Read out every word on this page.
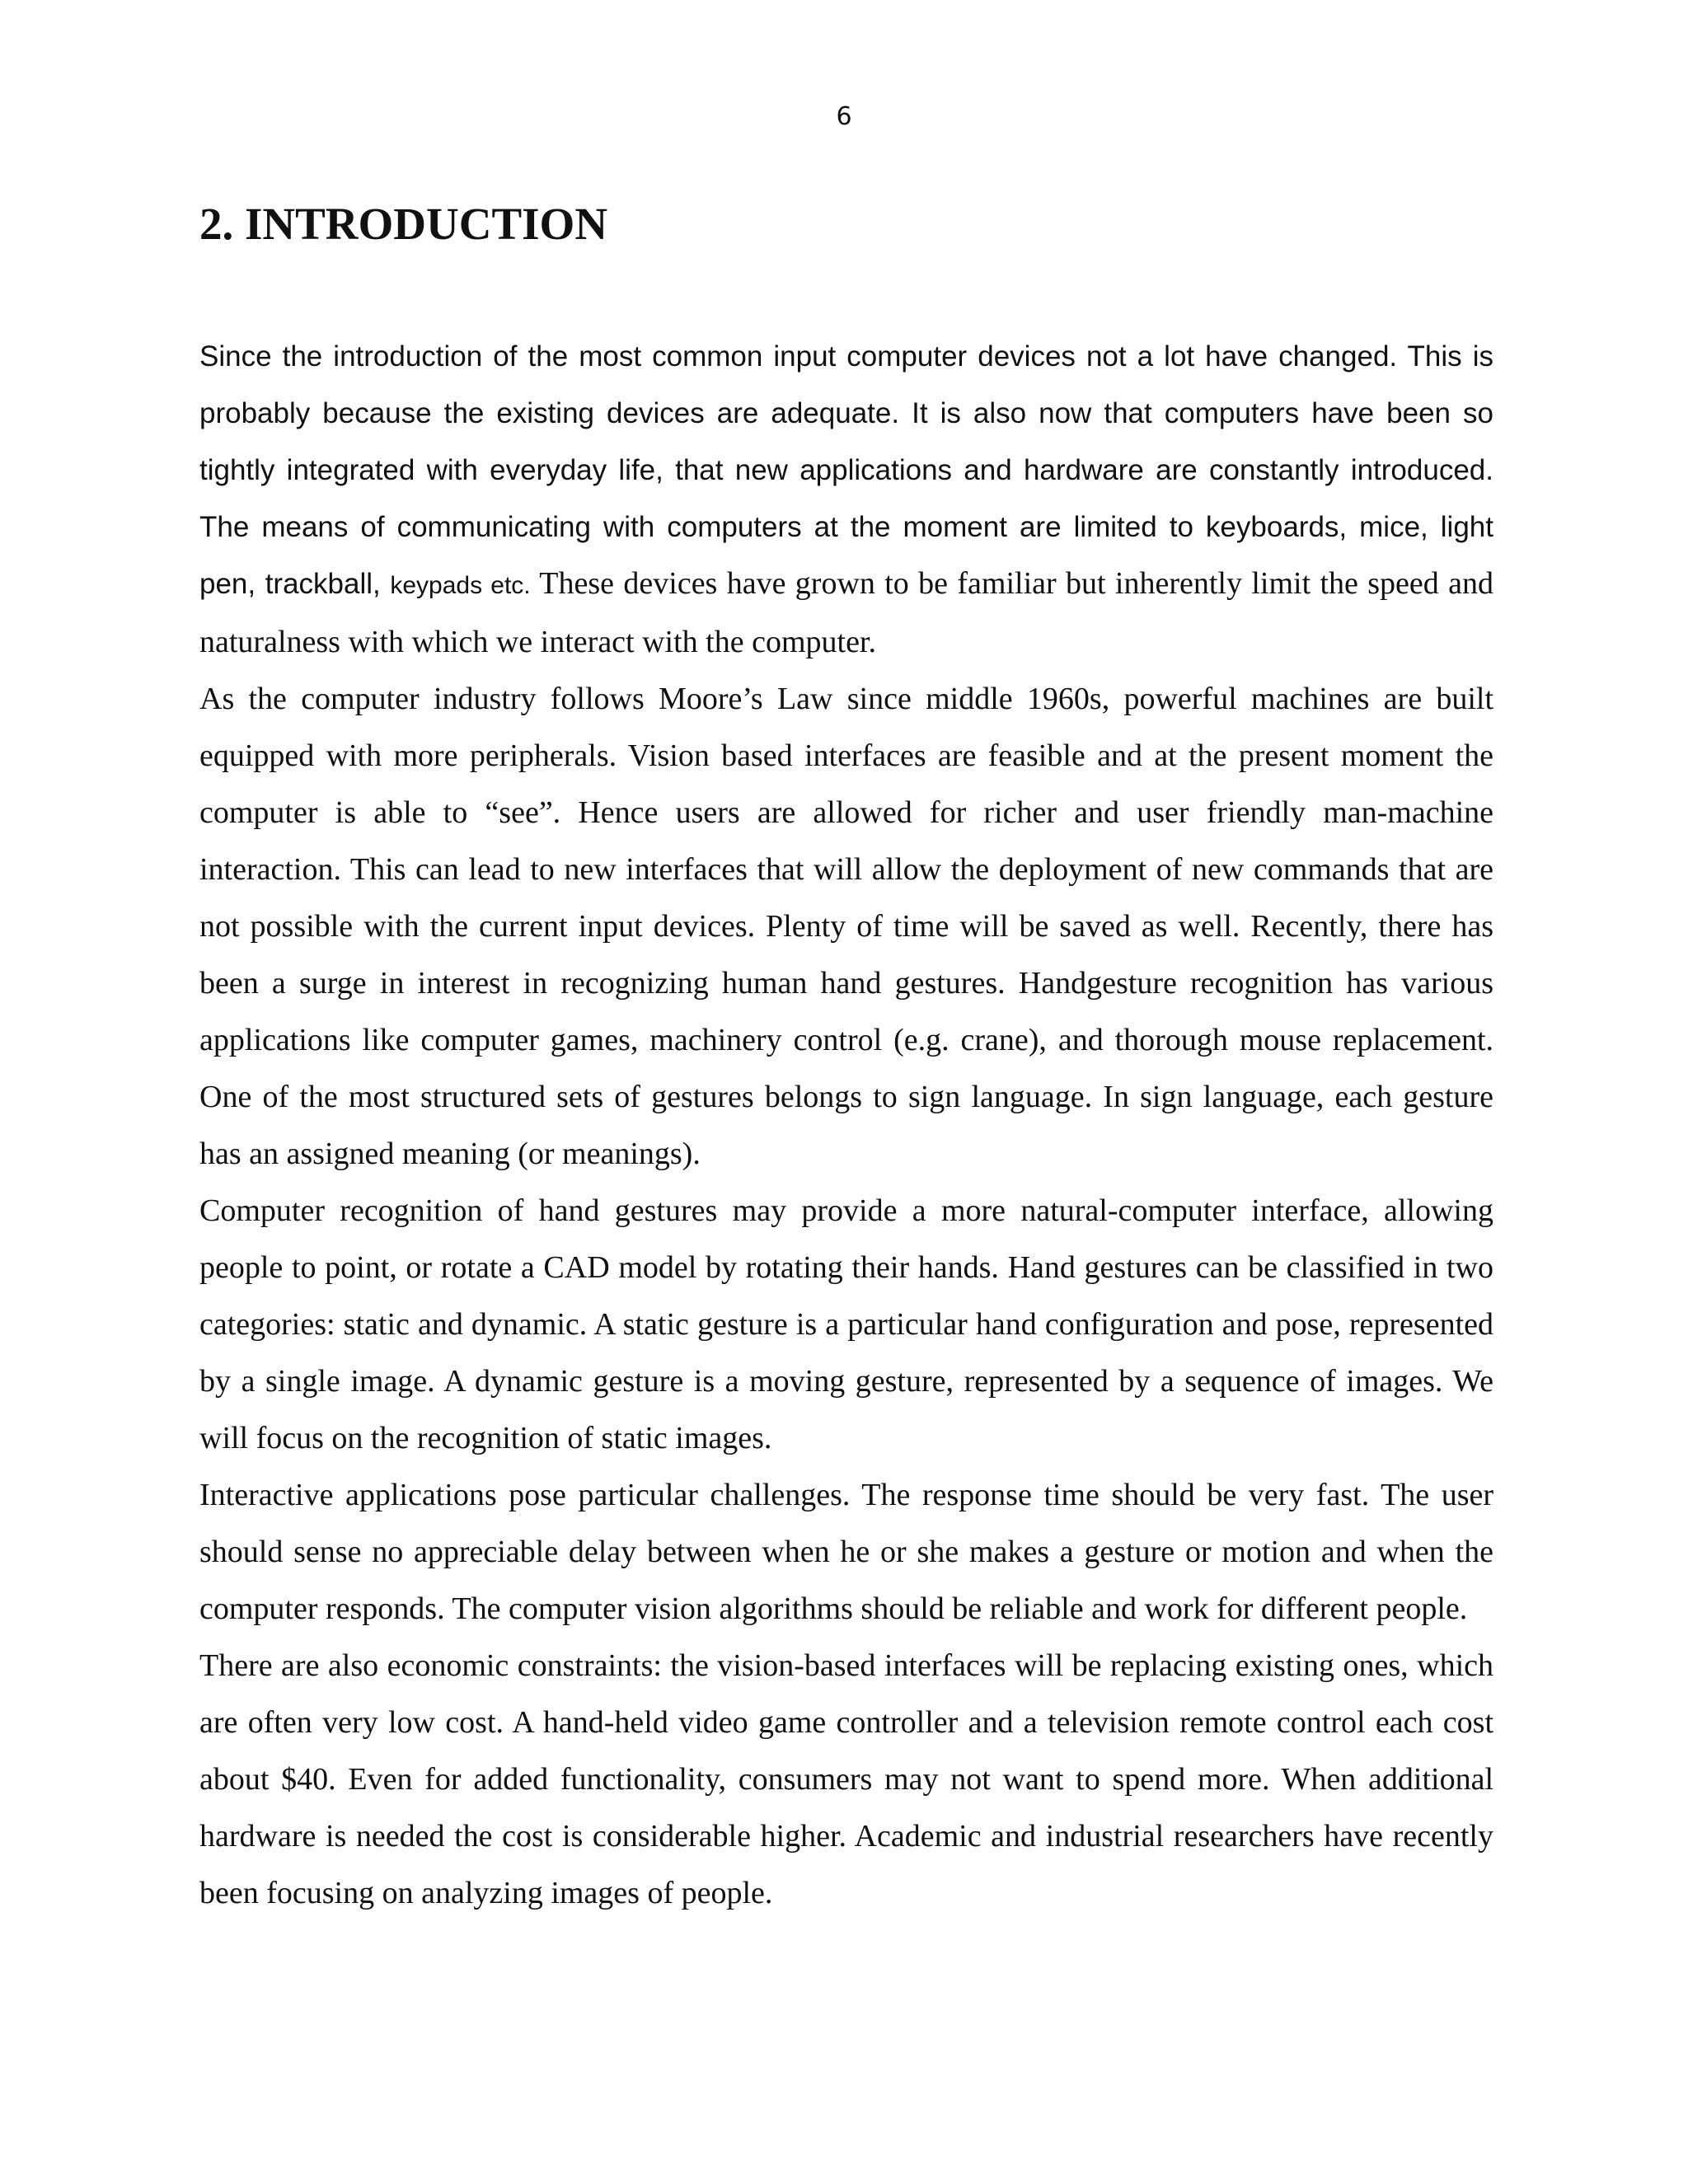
6
2. INTRODUCTION

Since the introduction of the most common input computer devices not a lot have changed. This is probably because the existing devices are adequate. It is also now that computers have been so tightly integrated with everyday life, that new applications and hardware are constantly introduced. The means of communicating with computers at the moment are limited to keyboards, mice, light pen, trackball, keypads etc. These devices have grown to be familiar but inherently limit the speed and naturalness with which we interact with the computer.

As the computer industry follows Moore’s Law since middle 1960s, powerful machines are built equipped with more peripherals. Vision based interfaces are feasible and at the present moment the computer is able to “see”. Hence users are allowed for richer and user friendly man-machine interaction. This can lead to new interfaces that will allow the deployment of new commands that are not possible with the current input devices. Plenty of time will be saved as well. Recently, there has been a surge in interest in recognizing human hand gestures. Handgesture recognition has various applications like computer games, machinery control (e.g. crane), and thorough mouse replacement. One of the most structured sets of gestures belongs to sign language. In sign language, each gesture has an assigned meaning (or meanings).

Computer recognition of hand gestures may provide a more natural-computer interface, allowing people to point, or rotate a CAD model by rotating their hands. Hand gestures can be classified in two categories: static and dynamic. A static gesture is a particular hand configuration and pose, represented by a single image. A dynamic gesture is a moving gesture, represented by a sequence of images. We will focus on the recognition of static images.

Interactive applications pose particular challenges. The response time should be very fast. The user should sense no appreciable delay between when he or she makes a gesture or motion and when the computer responds. The computer vision algorithms should be reliable and work for different people.

There are also economic constraints: the vision-based interfaces will be replacing existing ones, which are often very low cost. A hand-held video game controller and a television remote control each cost about $40. Even for added functionality, consumers may not want to spend more. When additional hardware is needed the cost is considerable higher. Academic and industrial researchers have recently been focusing on analyzing images of people.
